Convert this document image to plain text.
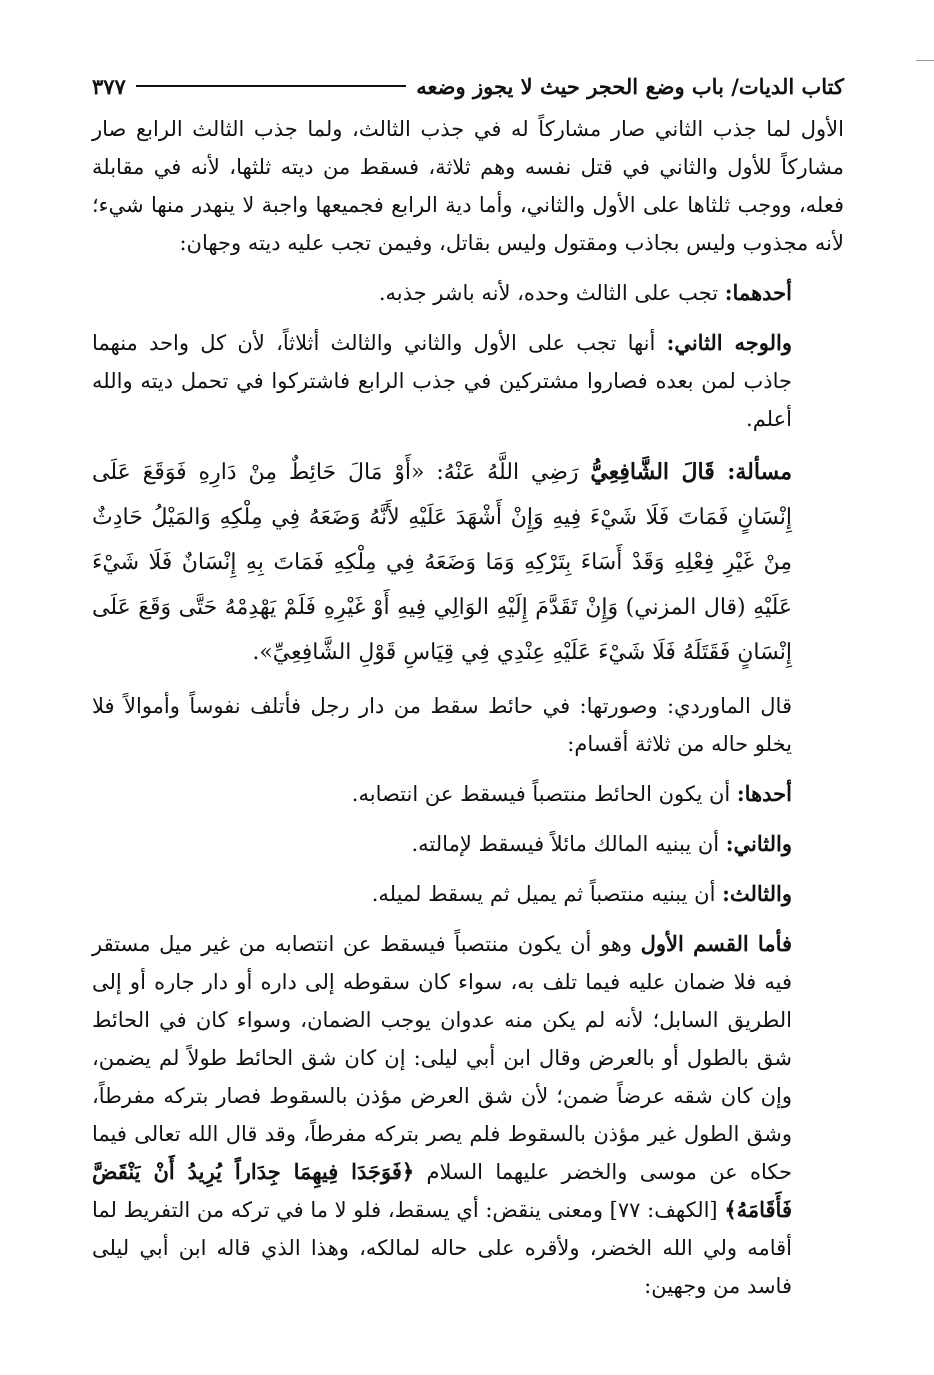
كتاب الديات/ باب وضع الحجر حيث لا يجوز وضعه
٣٧٧

الأول لما جذب الثاني صار مشاركاً له في جذب الثالث، ولما جذب الثالث الرابع صار مشاركاً للأول والثاني في قتل نفسه وهم ثلاثة، فسقط من ديته ثلثها، لأنه في مقابلة فعله، ووجب ثلثاها على الأول والثاني، وأما دية الرابع فجميعها واجبة لا ينهدر منها شيء؛ لأنه مجذوب وليس بجاذب ومقتول وليس بقاتل، وفيمن تجب عليه ديته وجهان:

أحدهما: تجب على الثالث وحده، لأنه باشر جذبه.

والوجه الثاني: أنها تجب على الأول والثاني والثالث أثلاثاً، لأن كل واحد منهما جاذب لمن بعده فصاروا مشتركين في جذب الرابع فاشتركوا في تحمل ديته والله أعلم.

مسألة: قَالَ الشَّافِعِيُّ رَضِي اللَّهُ عَنْهُ: «أَوْ مَالَ حَائِطٌ مِنْ دَارِهِ فَوَقَعَ عَلَى إِنْسَانٍ فَمَاتَ فَلَا شَيْءَ فِيهِ وَإِنْ أَشْهَدَ عَلَيْهِ لأَنَّهُ وَضَعَهُ فِي مِلْكِهِ وَالمَيْلُ حَادِثٌ مِنْ غَيْرِ فِعْلِهِ وَقَدْ أَسَاءَ بِتَرْكِهِ وَمَا وَضَعَهُ فِي مِلْكِهِ فَمَاتَ بِهِ إِنْسَانٌ فَلَا شَيْءَ عَلَيْهِ (قال المزني) وَإِنْ تَقَدَّمَ إِلَيْهِ الوَالِي فِيهِ أَوْ غَيْرِهِ فَلَمْ يَهْدِمْهُ حَتَّى وَقَعَ عَلَى إِنْسَانٍ فَقَتَلَهُ فَلَا شَيْءَ عَلَيْهِ عِنْدِي فِي قِيَاسِ قَوْلِ الشَّافِعِيِّ».

قال الماوردي: وصورتها: في حائط سقط من دار رجل فأتلف نفوساً وأموالاً فلا يخلو حاله من ثلاثة أقسام:

أحدها: أن يكون الحائط منتصباً فيسقط عن انتصابه.

والثاني: أن يبنيه المالك مائلاً فيسقط لإمالته.

والثالث: أن يبنيه منتصباً ثم يميل ثم يسقط لميله.

فأما القسم الأول وهو أن يكون منتصباً فيسقط عن انتصابه من غير ميل مستقر فيه فلا ضمان عليه فيما تلف به، سواء كان سقوطه إلى داره أو دار جاره أو إلى الطريق السابل؛ لأنه لم يكن منه عدوان يوجب الضمان، وسواء كان في الحائط شق بالطول أو بالعرض وقال ابن أبي ليلى: إن كان شق الحائط طولاً لم يضمن، وإن كان شقه عرضاً ضمن؛ لأن شق العرض مؤذن بالسقوط فصار بتركه مفرطاً، وشق الطول غير مؤذن بالسقوط فلم يصر بتركه مفرطاً، وقد قال الله تعالى فيما حكاه عن موسى والخضر عليهما السلام ﴿فَوَجَدَا فِيهِمَا جِدَاراً يُرِيدُ أَنْ يَنْقَضَّ فَأَقَامَهُ﴾ [الكهف: ٧٧] ومعنى ينقض: أي يسقط، فلو لا ما في تركه من التفريط لما أقامه ولي الله الخضر، ولأقره على حاله لمالكه، وهذا الذي قاله ابن أبي ليلى فاسد من وجهين:
